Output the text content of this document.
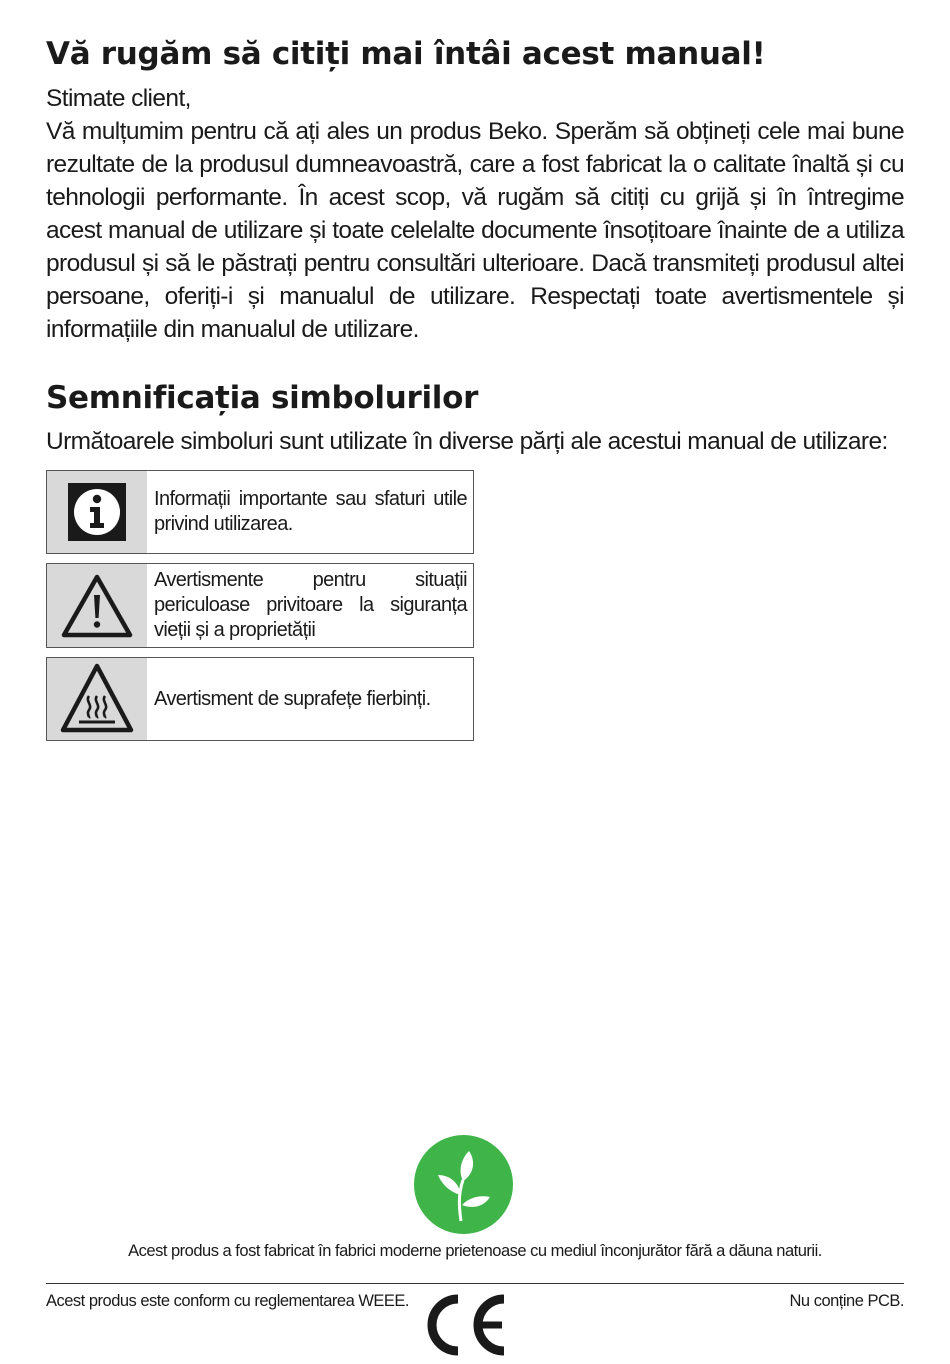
Vă rugăm să citiți mai întâi acest manual!

Stimate client,

Vă mulțumim pentru că ați ales un produs Beko. Sperăm să obțineți cele mai bune rezultate de la produsul dumneavoastră, care a fost fabricat la o calitate înaltă și cu tehnologii performante. În acest scop, vă rugăm să citiți cu grijă și în întregime acest manual de utilizare și toate celelalte documente însoțitoare înainte de a utiliza produsul și să le păstrați pentru consultări ulterioare. Dacă transmiteți produsul altei persoane, oferiți-i și manualul de utilizare. Respectați toate avertismentele și informațiile din manualul de utilizare.

Semnificația simbolurilor

Următoarele simboluri sunt utilizate în diverse părți ale acestui manual de utilizare:

Informații importante sau sfaturi utile privind utilizarea.
Avertismente pentru situații periculoase privitoare la siguranța vieții și a proprietății
Avertisment de suprafețe fierbinți.
Acest produs a fost fabricat în fabrici moderne prietenoase cu mediul înconjurător fără a dăuna naturii.
Acest produs este conform cu reglementarea WEEE.	Nu conține PCB.
